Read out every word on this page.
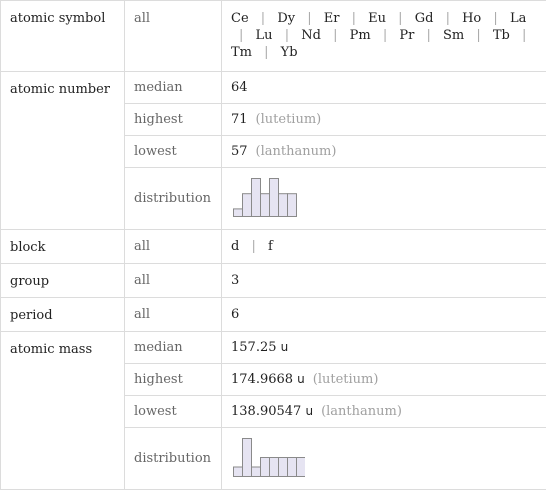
atomic symbol	all	Ce | Dy | Er | Eu | Gd | Ho | La | Lu | Nd | Pm | Pr | Sm | Tb | Tm | Yb
atomic number	median	64
	highest	71 (lutetium)
	lowest	57 (lanthanum)
	distribution	

block	all	d | f
group	all	3
period	all	6
atomic mass	median	157.25 u
	highest	174.9668 u (lutetium)
	lowest	138.90547 u (lanthanum)
	distribution	
